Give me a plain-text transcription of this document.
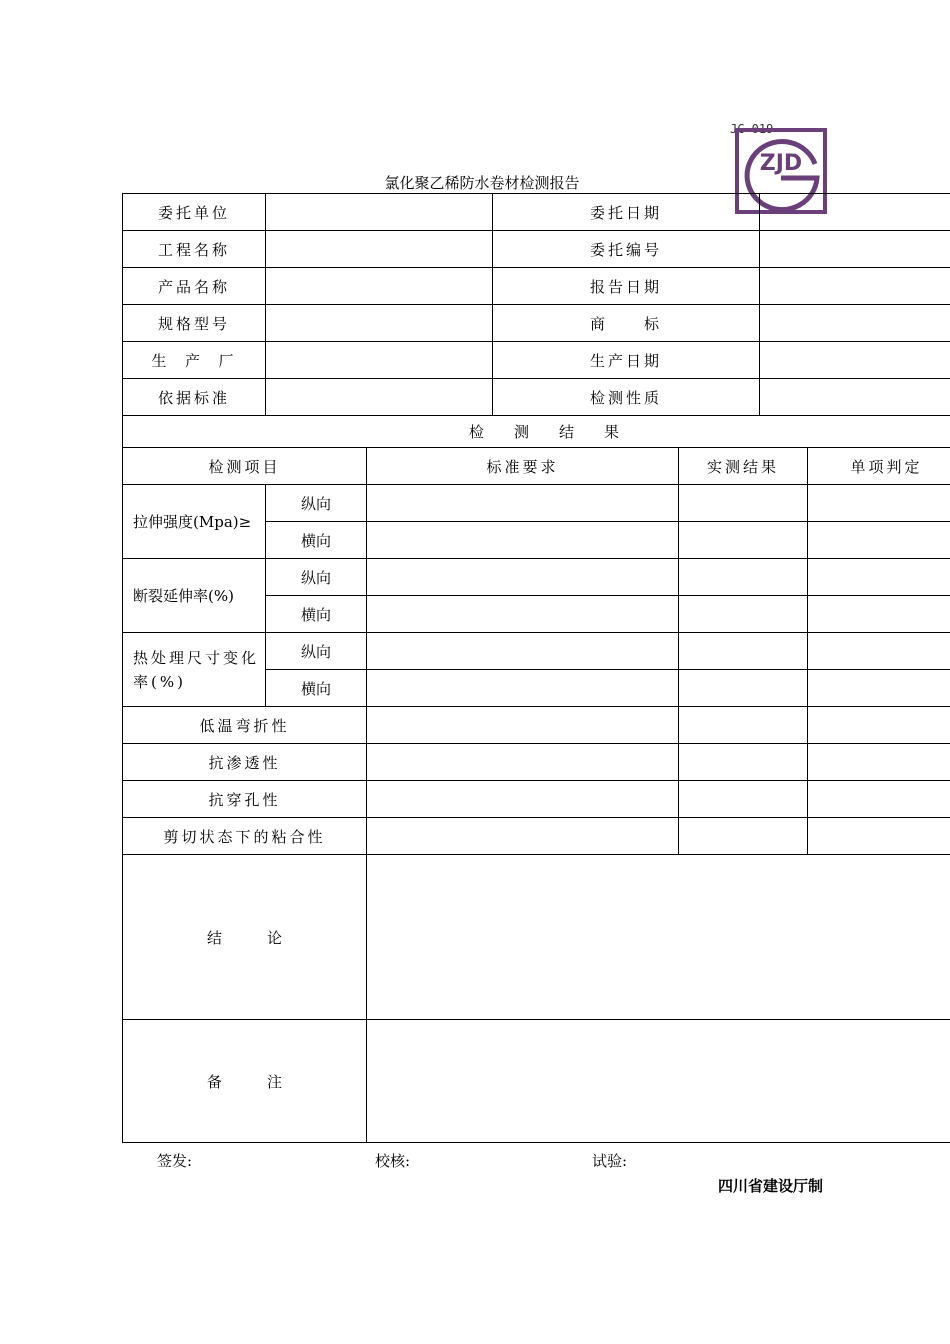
JC-019
ZJD
氯化聚乙稀防水卷材检测报告
委托单位			委托日期			
工程名称			委托编号			
产品名称			报告日期			
规格型号			商　　标			
生  产  厂			生产日期			
依据标准			检测性质			
检　　测　　结　　果						
检测项目		标准要求		实测结果		单项判定
拉伸强度(Mpa)≥	纵向					
	横向					
断裂延伸率(%)	纵向					
	横向					
热处理尺寸变化率(%)	纵向					
	横向					
低温弯折性						
抗渗透性						
抗穿孔性						
剪切状态下的粘合性						
结　　　论						
备　　　注						
签发:	校核:	试验:
四川省建设厅制
